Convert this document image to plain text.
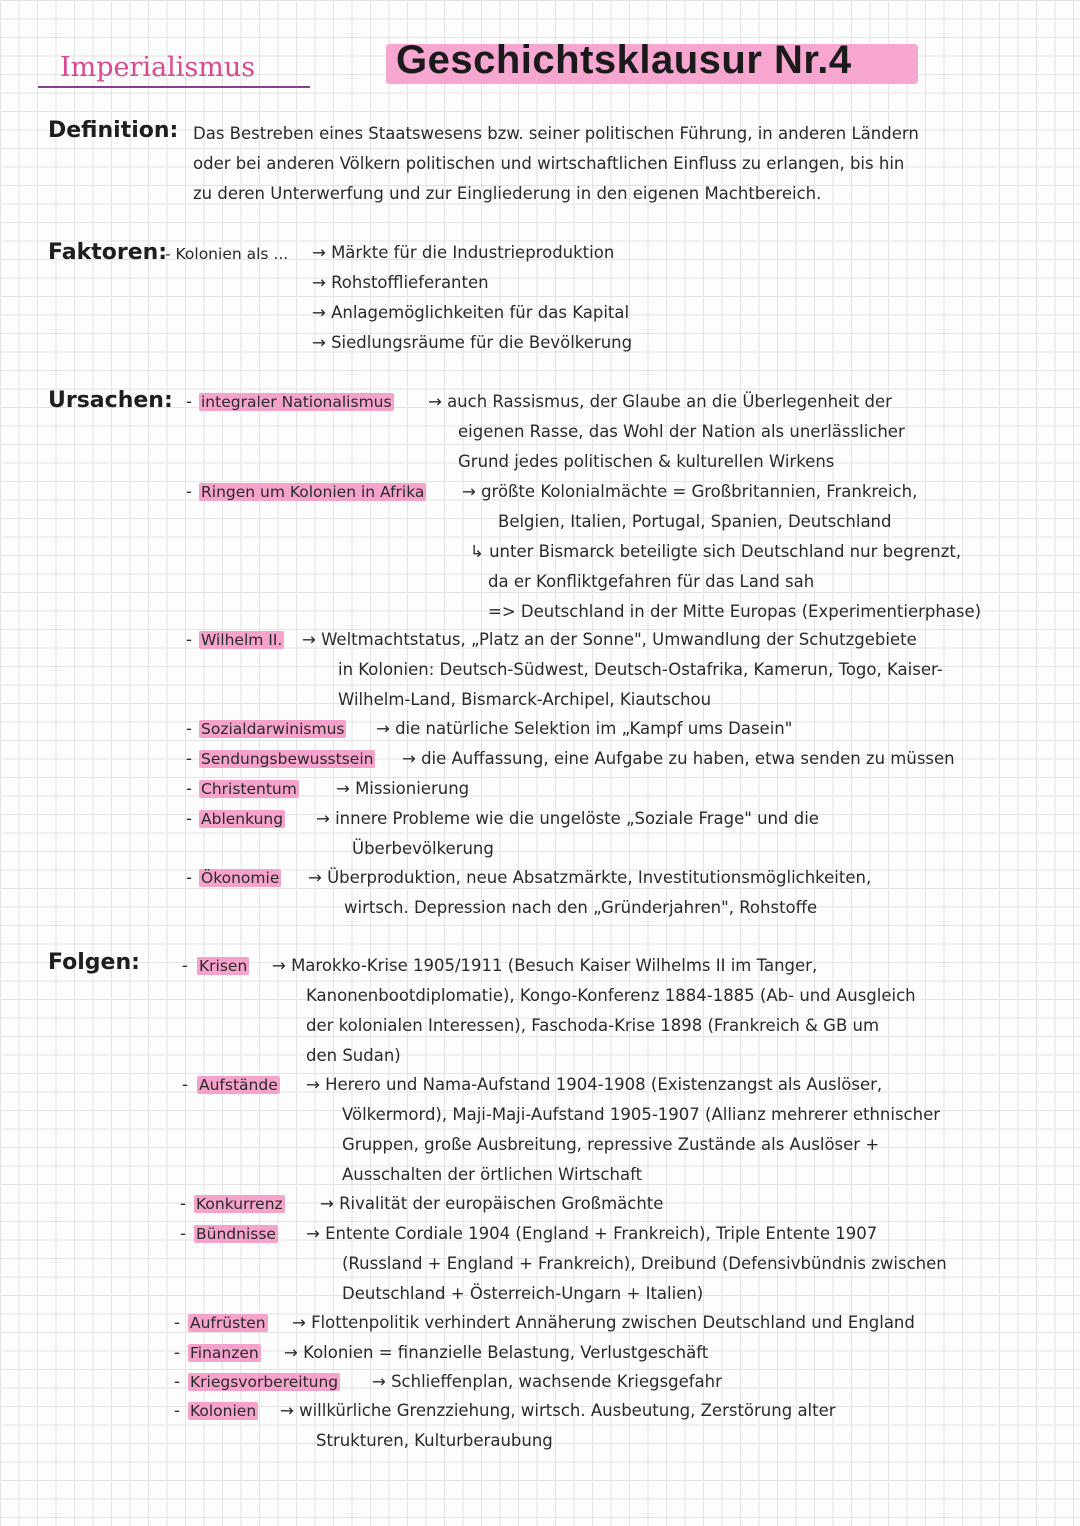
Imperialismus	Geschichtsklausur Nr.4
Definition: Das Bestreben eines Staatswesens bzw. seiner politischen Führung, in anderen Ländern
oder bei anderen Völkern politischen und wirtschaftlichen Einfluss zu erlangen, bis hin
zu deren Unterwerfung und zur Eingliederung in den eigenen Machtbereich.
Faktoren:
- Kolonien als ... → Märkte für die Industrieproduktion
→ Rohstofflieferanten
→ Anlagemöglichkeiten für das Kapital
→ Siedlungsräume für die Bevölkerung
Ursachen: - integraler Nationalismus → auch Rassismus, der Glaube an die Überlegenheit der
eigenen Rasse, das Wohl der Nation als unerlässlicher
Grund jedes politischen & kulturellen Wirkens
- Ringen um Kolonien in Afrika → größte Kolonialmächte = Großbritannien, Frankreich,
Belgien, Italien, Portugal, Spanien, Deutschland
↳ unter Bismarck beteiligte sich Deutschland nur begrenzt,
da er Konfliktgefahren für das Land sah
=> Deutschland in der Mitte Europas (Experimentierphase)
- Wilhelm II. → Weltmachtstatus, „Platz an der Sonne", Umwandlung der Schutzgebiete
in Kolonien: Deutsch-Südwest, Deutsch-Ostafrika, Kamerun, Togo, Kaiser-
Wilhelm-Land, Bismarck-Archipel, Kiautschou
- Sozialdarwinismus → die natürliche Selektion im „Kampf ums Dasein"
- Sendungsbewusstsein → die Auffassung, eine Aufgabe zu haben, etwa senden zu müssen
- Christentum → Missionierung
- Ablenkung → innere Probleme wie die ungelöste „Soziale Frage" und die
Überbevölkerung
- Ökonomie → Überproduktion, neue Absatzmärkte, Investitutionsmöglichkeiten,
wirtsch. Depression nach den „Gründerjahren", Rohstoffe
Folgen:	- Krisen → Marokko-Krise 1905/1911 (Besuch Kaiser Wilhelms II im Tanger,
Kanonenbootdiplomatie), Kongo-Konferenz 1884-1885 (Ab- und Ausgleich
der kolonialen Interessen), Faschoda-Krise 1898 (Frankreich & GB um
den Sudan)
- Aufstände → Herero und Nama-Aufstand 1904-1908 (Existenzangst als Auslöser,
Völkermord), Maji-Maji-Aufstand 1905-1907 (Allianz mehrerer ethnischer
Gruppen, große Ausbreitung, repressive Zustände als Auslöser +
Ausschalten der örtlichen Wirtschaft
- Konkurrenz → Rivalität der europäischen Großmächte
- Bündnisse → Entente Cordiale 1904 (England + Frankreich), Triple Entente 1907
(Russland + England + Frankreich), Dreibund (Defensivbündnis zwischen
Deutschland + Österreich-Ungarn + Italien)
- Aufrüsten → Flottenpolitik verhindert Annäherung zwischen Deutschland und England
- Finanzen → Kolonien = finanzielle Belastung, Verlustgeschäft
- Kriegsvorbereitung → Schlieffenplan, wachsende Kriegsgefahr
- Kolonien → willkürliche Grenzziehung, wirtsch. Ausbeutung, Zerstörung alter
Strukturen, Kulturberaubung
